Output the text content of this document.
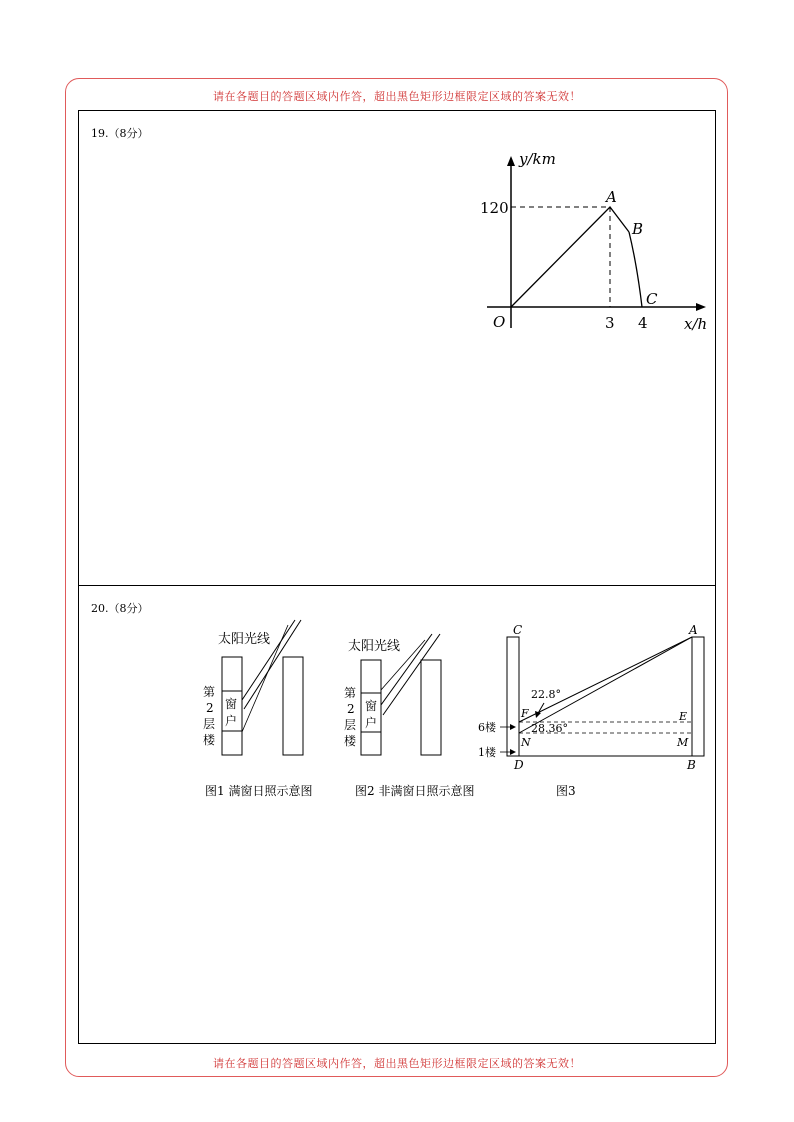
请在各题目的答题区域内作答，超出黑色矩形边框限定区域的答案无效！
请在各题目的答题区域内作答，超出黑色矩形边框限定区域的答案无效！
19.（8分）
y/km
x/h
O
120
3 4
A
B
C
20.（8分）
太阳光线
窗
户
第
2
层
楼
太阳光线
窗
户
第
2
层
楼
C	A
F	E
N	M
D	B
22.8°
28.36°
6楼
1楼
图1 满窗日照示意图	图2 非满窗日照示意图	图3
